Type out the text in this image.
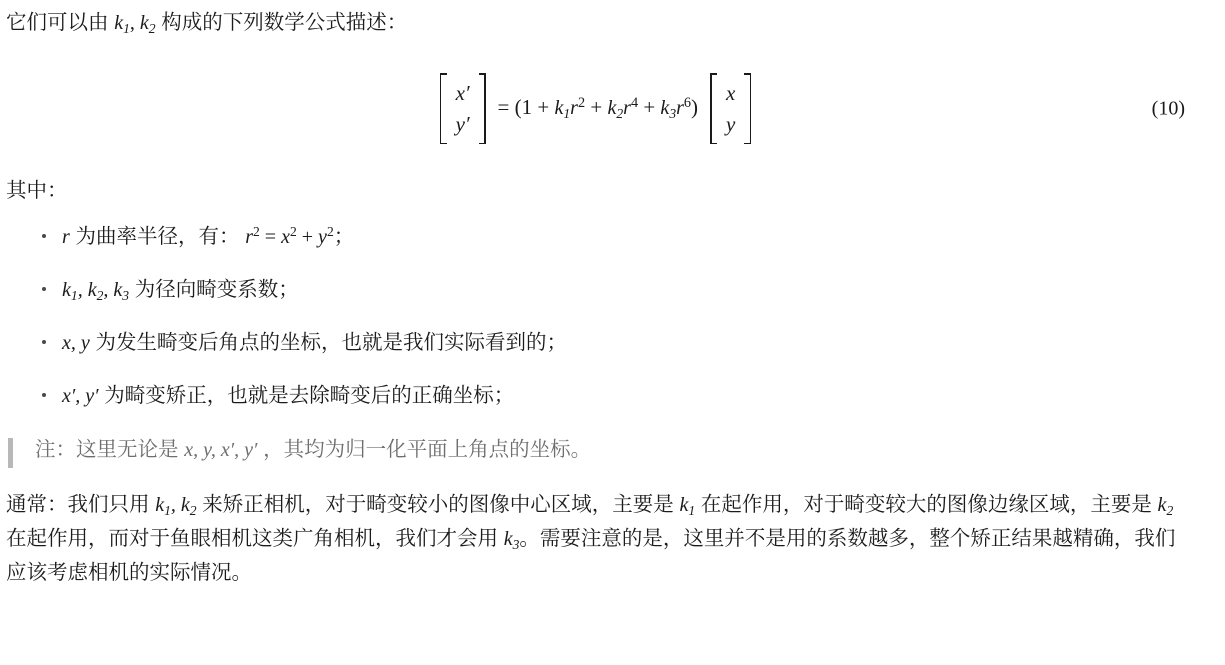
它们可以由 $k_1$, $k_2$ 构成的下列数学公式描述：

x′
y′
= $(1 + k_1r^2 + k_2r^4 + k_3r^6)$
x
y
(10)

其中：

r 为曲率半径，有： $r^2 = x^2 + y^2$；
$k_1$, $k_2$, $k_3$ 为径向畸变系数；
x, y 为发生畸变后角点的坐标，也就是我们实际看到的；
x′, y′ 为畸变矫正，也就是去除畸变后的正确坐标；
注：这里无论是 x, y, x′, y′ ，其均为归一化平面上角点的坐标。

通常：我们只用 $k_1$, $k_2$ 来矫正相机，对于畸变较小的图像中心区域，主要是 $k_1$ 在起作用，对于畸变较大的图像边缘区域，主要是 $k_2$ 在起作用，而对于鱼眼相机这类广角相机，我们才会用 $k_3$。需要注意的是，这里并不是用的系数越多，整个矫正结果越精确，我们应该考虑相机的实际情况。
